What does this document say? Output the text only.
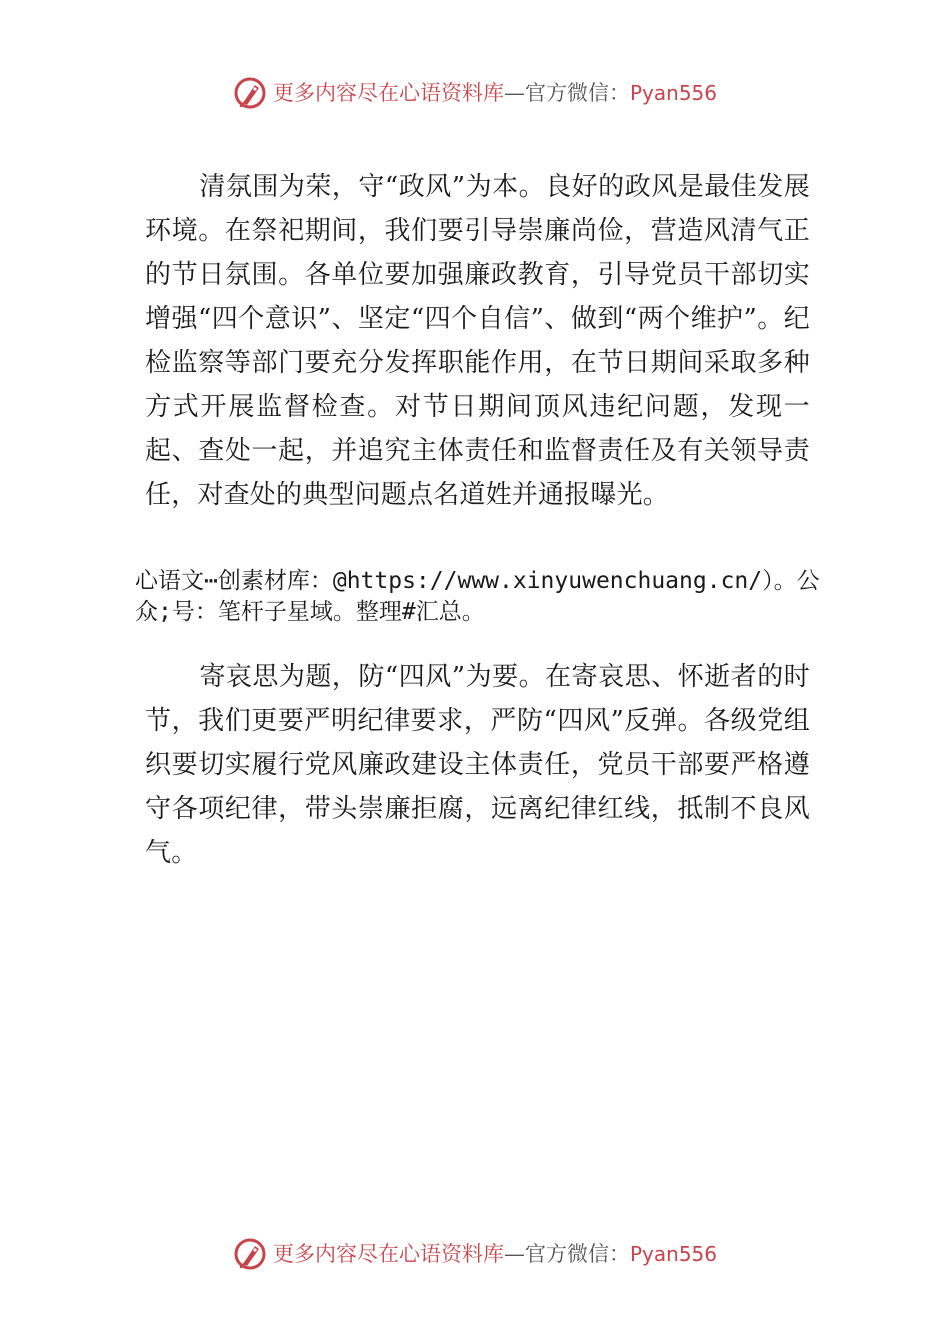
更多内容尽在心语资料库—官方微信：Pyan556

清氛围为荣，守“政风”为本。良好的政风是最佳发展环境。在祭祀期间，我们要引导崇廉尚俭，营造风清气正的节日氛围。各单位要加强廉政教育，引导党员干部切实增强“四个意识”、坚定“四个自信”、做到“两个维护”。纪检监察等部门要充分发挥职能作用，在节日期间采取多种方式开展监督检查。对节日期间顶风违纪问题，发现一起、查处一起，并追究主体责任和监督责任及有关领导责任，对查处的典型问题点名道姓并通报曝光。

心语文⋯创素材库：@https://www.xinyuwenchuang.cn/）。公众;号：笔杆子星域。整理#汇总。

寄哀思为题，防“四风”为要。在寄哀思、怀逝者的时节，我们更要严明纪律要求，严防“四风”反弹。各级党组织要切实履行党风廉政建设主体责任，党员干部要严格遵守各项纪律，带头崇廉拒腐，远离纪律红线，抵制不良风气。

更多内容尽在心语资料库—官方微信：Pyan556
